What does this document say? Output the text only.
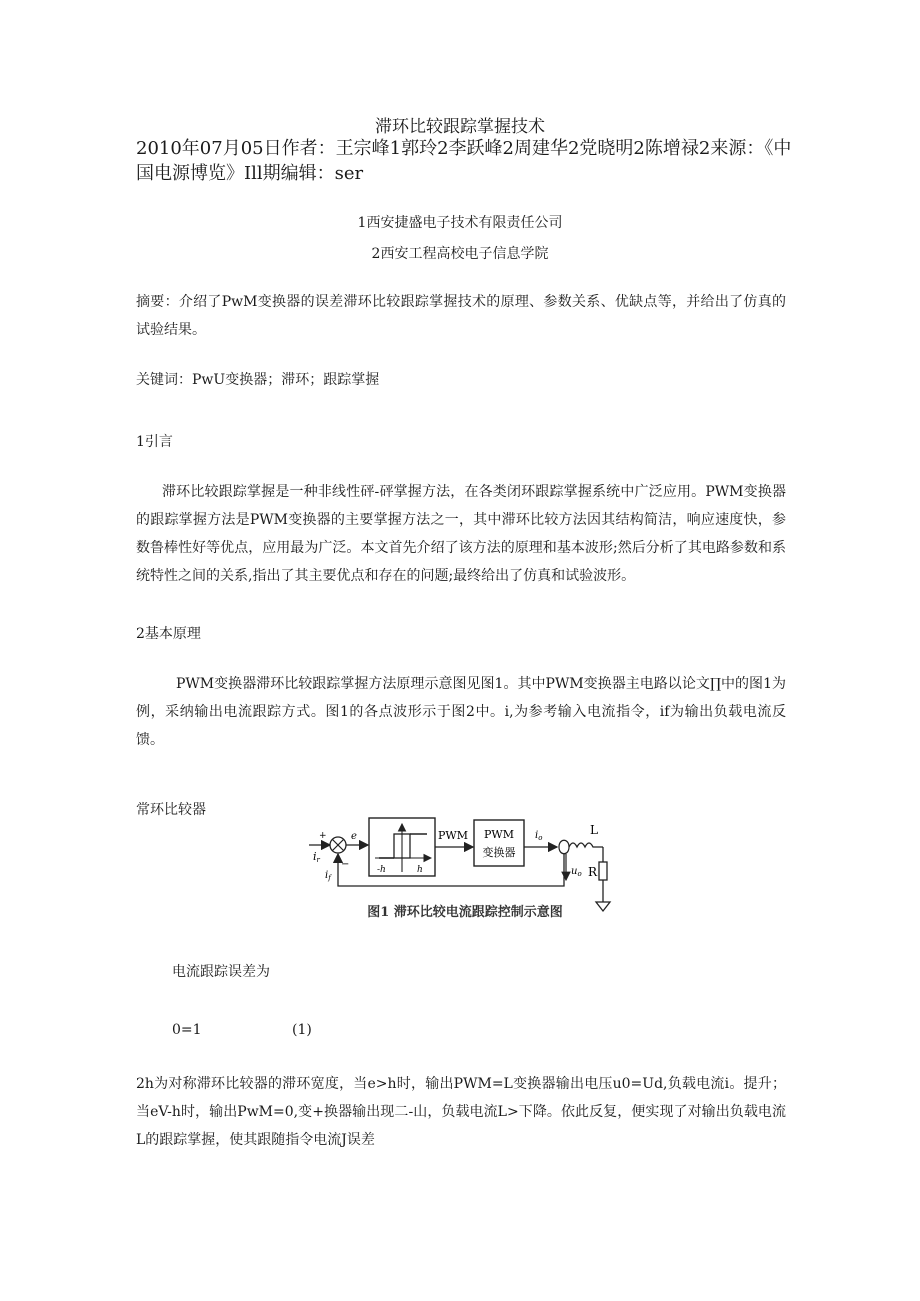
滞环比较跟踪掌握技术
2010年07月05日作者：王宗峰1郭玲2李跃峰2周建华2党晓明2陈增禄2来源：《中国电源博览》Ill期编辑：ser
1西安捷盛电子技术有限责任公司
2西安工程高校电子信息学院
摘要：介绍了PwM变换器的误差滞环比较跟踪掌握技术的原理、参数关系、优缺点等，并给出了仿真的试验结果。
关键词：PwU变换器；滞环；跟踪掌握
1引言
滞环比较跟踪掌握是一种非线性砰-砰掌握方法，在各类闭环跟踪掌握系统中广泛应用。PWM变换器的跟踪掌握方法是PWM变换器的主要掌握方法之一，其中滞环比较方法因其结构简洁，响应速度快，参数鲁棒性好等优点，应用最为广泛。本文首先介绍了该方法的原理和基本波形;然后分析了其电路参数和系统特性之间的关系,指出了其主要优点和存在的问题;最终给出了仿真和试验波形。
2基本原理
PWM变换器滞环比较跟踪掌握方法原理示意图见图1。其中PWM变换器主电路以论文∏中的图1为例，采纳输出电流跟踪方式。图1的各点波形示于图2中。i,为参考输入电流指令，if为输出负载电流反馈。
常环比较器
+
ir −
e
-h	h
PWM PWM
变换器
$i_o$
L
R
$u_o$
$i_f$
图1 滞环比较电流跟踪控制示意图
电流跟踪误差为
0=1	(1)
2h为对称滞环比较器的滞环宽度，当e>h时，输出PWM=L变换器输出电压u0=Ud,负载电流i。提升；当eV-h时，输出PwM=0,变+换器输出现二-山，负载电流L>下降。依此反复，便实现了对输出负载电流L的跟踪掌握，使其跟随指令电流J误差
